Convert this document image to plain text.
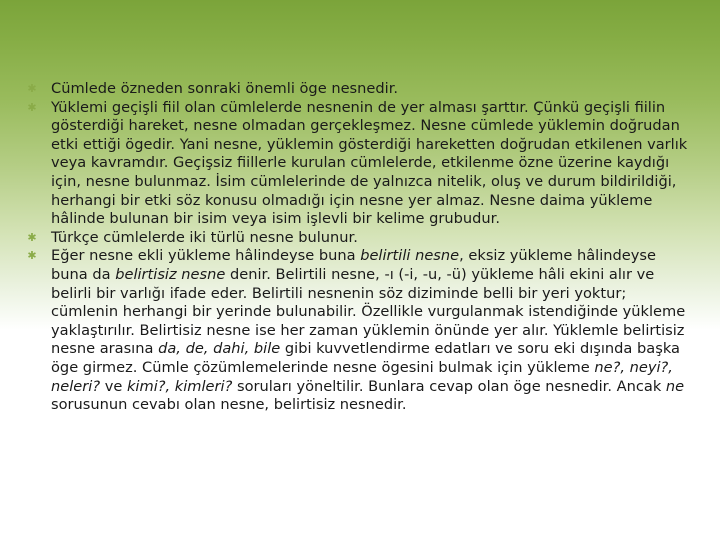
✱ Cümlede özneden sonraki önemli öge nesnedir.
✱ Yüklemi geçişli fiil olan cümlelerde nesnenin de yer alması şarttır. Çünkü geçişli fiilin gösterdiği hareket, nesne olmadan gerçekleşmez. Nesne cümlede yüklemin doğrudan etki ettiği ögedir. Yani nesne, yüklemin gösterdiği hareketten doğrudan etkilenen varlık veya kavramdır. Geçişsiz fiillerle kurulan cümlelerde, etkilenme özne üzerine kaydığı için, nesne bulunmaz. İsim cümlelerinde de yalnızca nitelik, oluş ve durum bildirildiği, herhangi bir etki söz konusu olmadığı için nesne yer almaz. Nesne daima yükleme hâlinde bulunan bir isim veya isim işlevli bir kelime grubudur.
✱ Türkçe cümlelerde iki türlü nesne bulunur.
✱ Eğer nesne ekli yükleme hâlindeyse buna belirtili nesne, eksiz yükleme hâlindeyse buna da belirtisiz nesne denir. Belirtili nesne, -ı (-i, -u, -ü) yükleme hâli ekini alır ve belirli bir varlığı ifade eder. Belirtili nesnenin söz diziminde belli bir yeri yoktur; cümlenin herhangi bir yerinde bulunabilir. Özellikle vurgulanmak istendiğinde yükleme yaklaştırılır. Belirtisiz nesne ise her zaman yüklemin önünde yer alır. Yüklemle belirtisiz nesne arasına da, de, dahi, bile gibi kuvvetlendirme edatları ve soru eki dışında başka öge girmez. Cümle çözümlemelerinde nesne ögesini bulmak için yükleme ne?, neyi?, neleri? ve kimi?, kimleri? soruları yöneltilir. Bunlara cevap olan öge nesnedir. Ancak ne sorusunun cevabı olan nesne, belirtisiz nesnedir.
